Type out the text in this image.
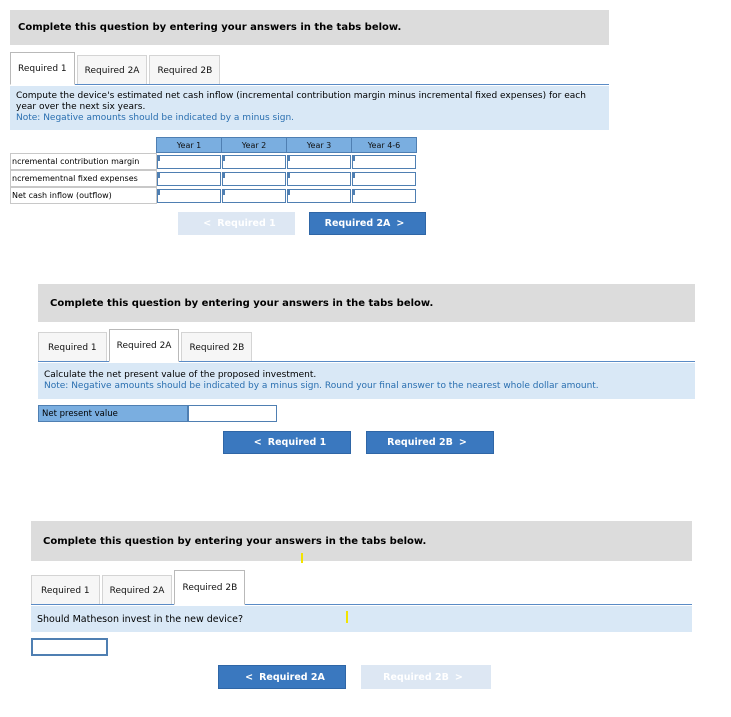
Complete this question by entering your answers in the tabs below.
Required 1	Required 2A	Required 2B
Compute the device's estimated net cash inflow (incremental contribution margin minus incremental fixed expenses) for each year over the next six years.
Note: Negative amounts should be indicated by a minus sign.
Year 1	Year 2	Year 3	Year 4-6
ncremental contribution margin
ncremementnal fixed expenses
Net cash inflow (outflow)
< Required 1	Required 2A >
Complete this question by entering your answers in the tabs below.
Required 1	Required 2A	Required 2B
Calculate the net present value of the proposed investment.
Note: Negative amounts should be indicated by a minus sign. Round your final answer to the nearest whole dollar amount.
Net present value
< Required 1	Required 2B >
Complete this question by entering your answers in the tabs below.
Required 1	Required 2A	Required 2B
Should Matheson invest in the new device?
< Required 2A	Required 2B >
